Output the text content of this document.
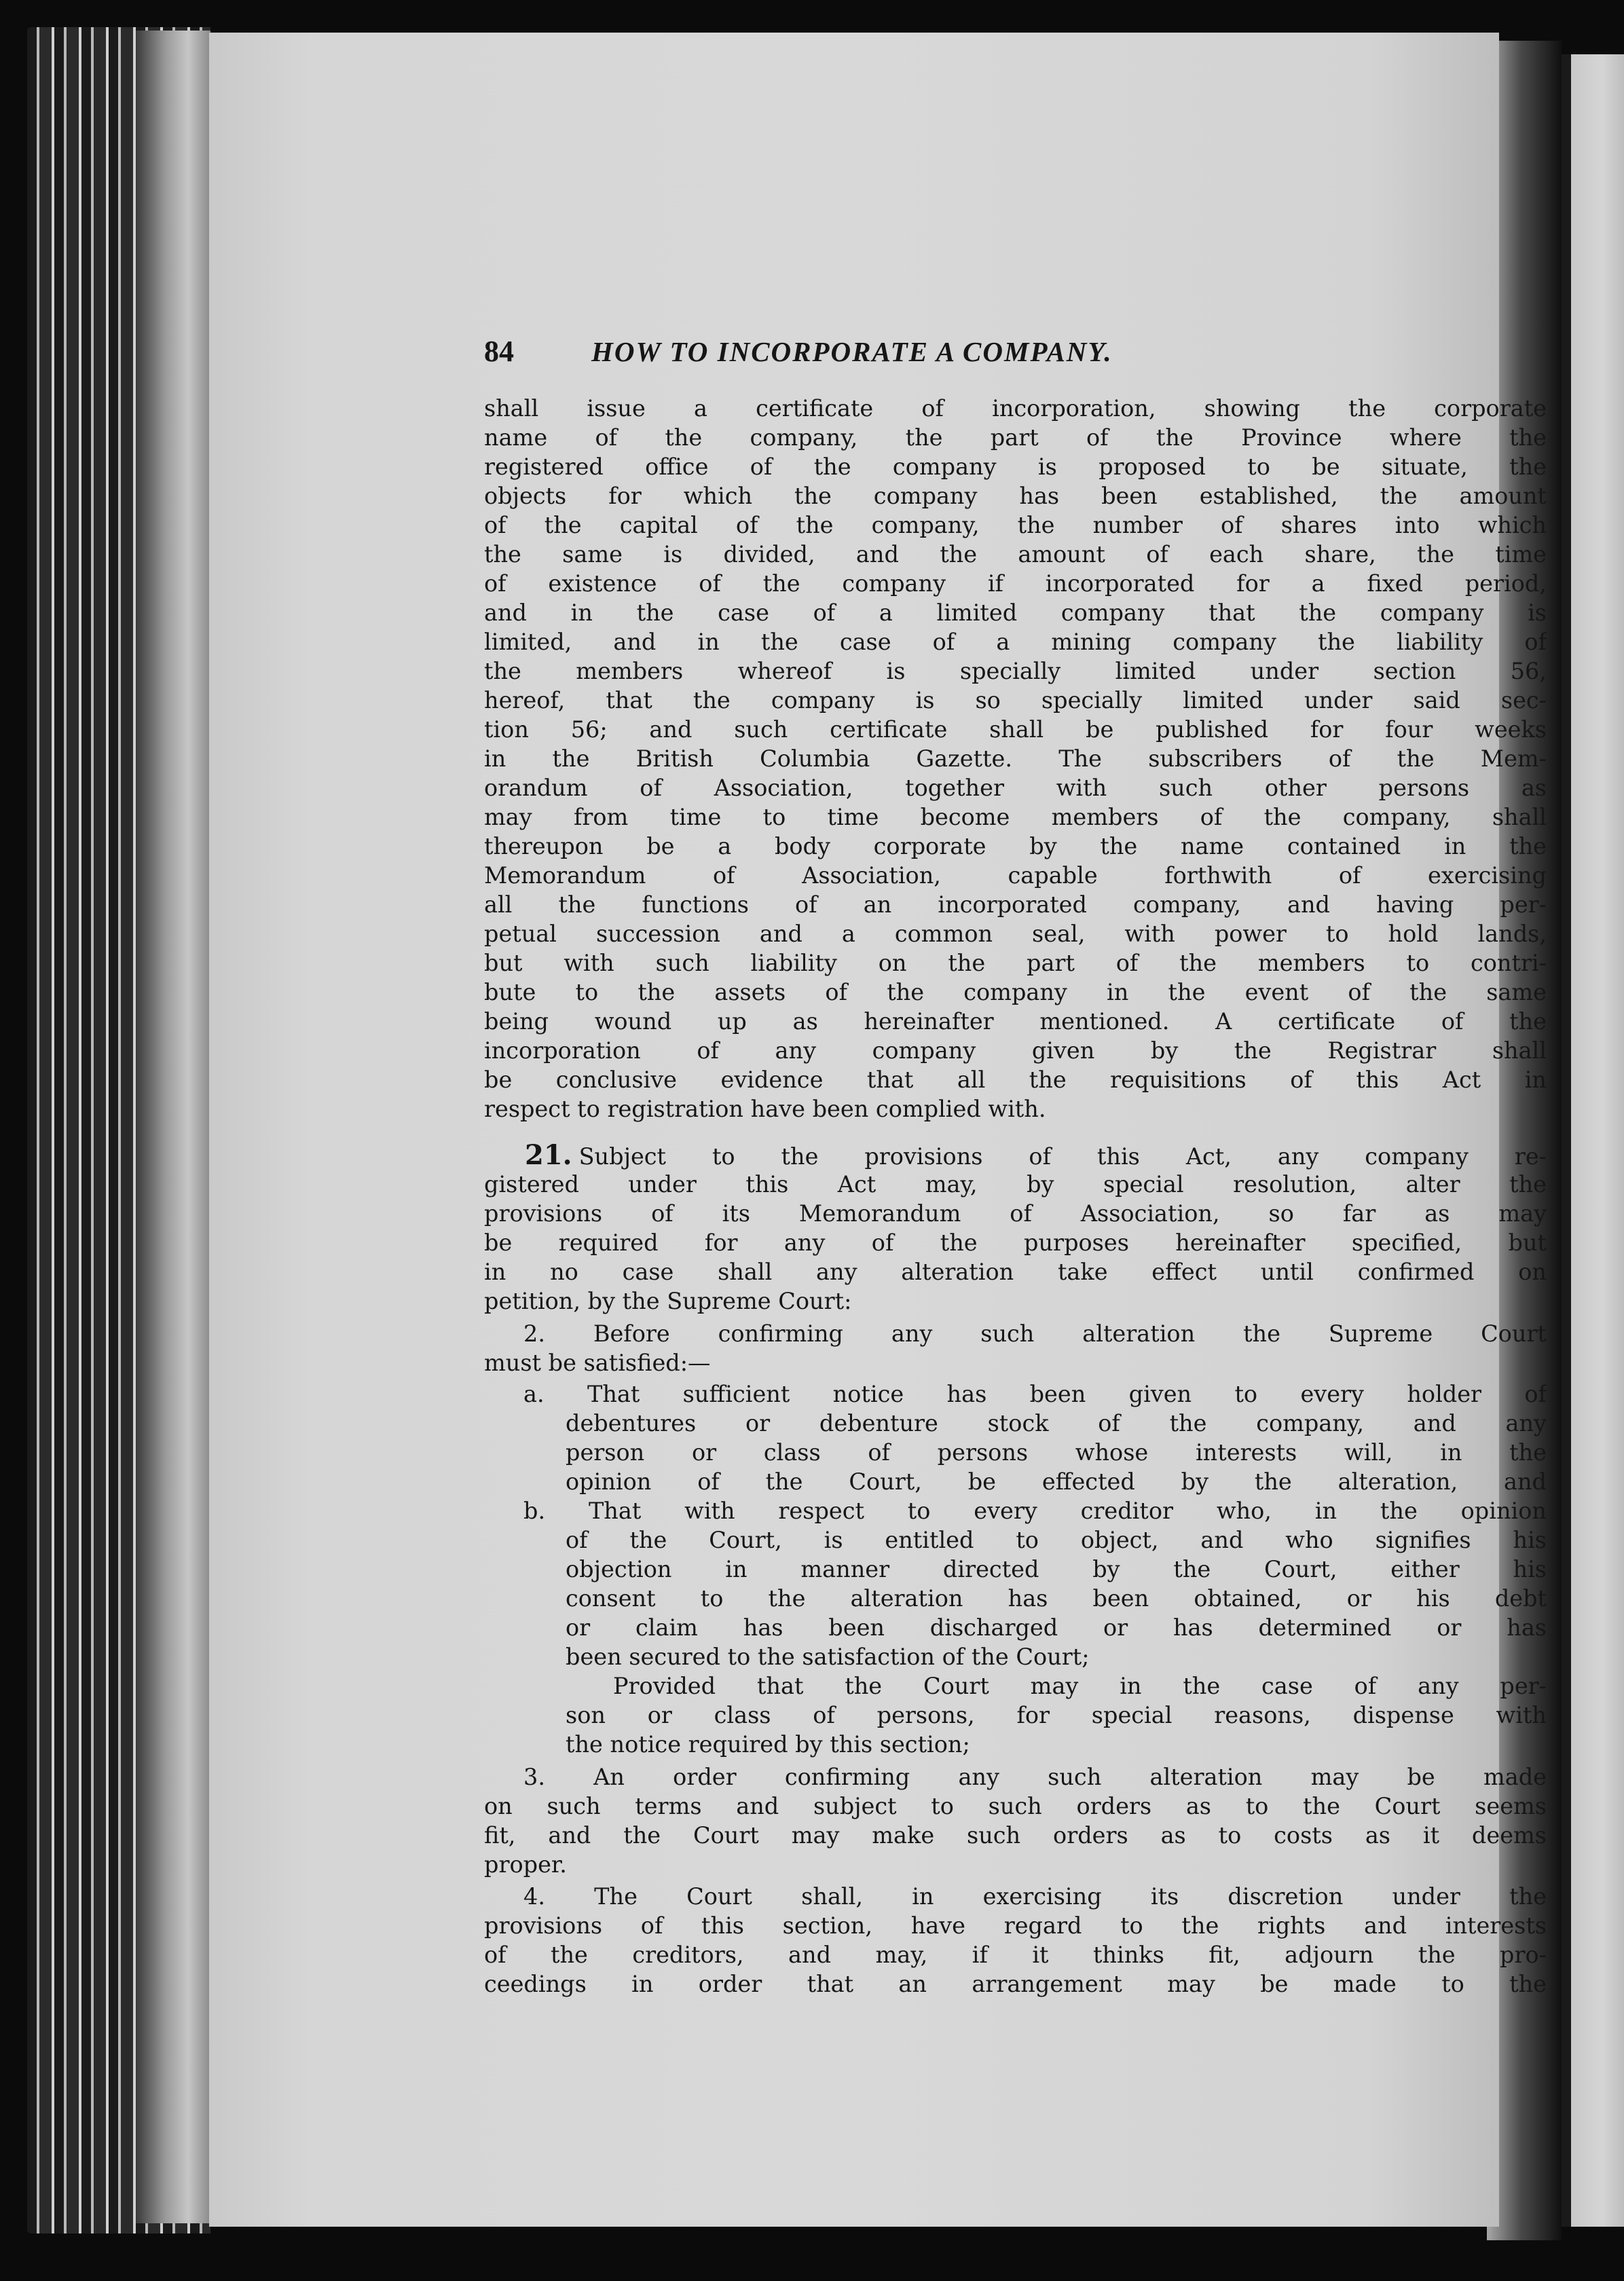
84	HOW TO INCORPORATE A COMPANY.
shall issue a certificate of incorporation, showing the corporate
name of the company, the part of the Province where the
registered office of the company is proposed to be situate, the
objects for which the company has been established, the amount
of the capital of the company, the number of shares into which
the same is divided, and the amount of each share, the time
of existence of the company if incorporated for a fixed period,
and in the case of a limited company that the company is
limited, and in the case of a mining company the liability of
the members whereof is specially limited under section 56,
hereof, that the company is so specially limited under said sec-
tion 56; and such certificate shall be published for four weeks
in the British Columbia Gazette. The subscribers of the Mem-
orandum of Association, together with such other persons as
may from time to time become members of the company, shall
thereupon be a body corporate by the name contained in the
Memorandum of Association, capable forthwith of exercising
all the functions of an incorporated company, and having per-
petual succession and a common seal, with power to hold lands,
but with such liability on the part of the members to contri-
bute to the assets of the company in the event of the same
being wound up as hereinafter mentioned. A certificate of the
incorporation of any company given by the Registrar shall
be conclusive evidence that all the requisitions of this Act in
respect to registration have been complied with.
21. Subject to the provisions of this Act, any company re-
gistered under this Act may, by special resolution, alter the
provisions of its Memorandum of Association, so far as may
be required for any of the purposes hereinafter specified, but
in no case shall any alteration take effect until confirmed on
petition, by the Supreme Court:
2. Before confirming any such alteration the Supreme Court
must be satisfied:—
a. That sufficient notice has been given to every holder of
debentures or debenture stock of the company, and any
person or class of persons whose interests will, in the
opinion of the Court, be effected by the alteration, and
b. That with respect to every creditor who, in the opinion
of the Court, is entitled to object, and who signifies his
objection in manner directed by the Court, either his
consent to the alteration has been obtained, or his debt
or claim has been discharged or has determined or has
been secured to the satisfaction of the Court;
Provided that the Court may in the case of any per-
son or class of persons, for special reasons, dispense with
the notice required by this section;
3. An order confirming any such alteration may be made
on such terms and subject to such orders as to the Court seems
fit, and the Court may make such orders as to costs as it deems
proper.
4. The Court shall, in exercising its discretion under the
provisions of this section, have regard to the rights and interests
of the creditors, and may, if it thinks fit, adjourn the pro-
ceedings in order that an arrangement may be made to the
